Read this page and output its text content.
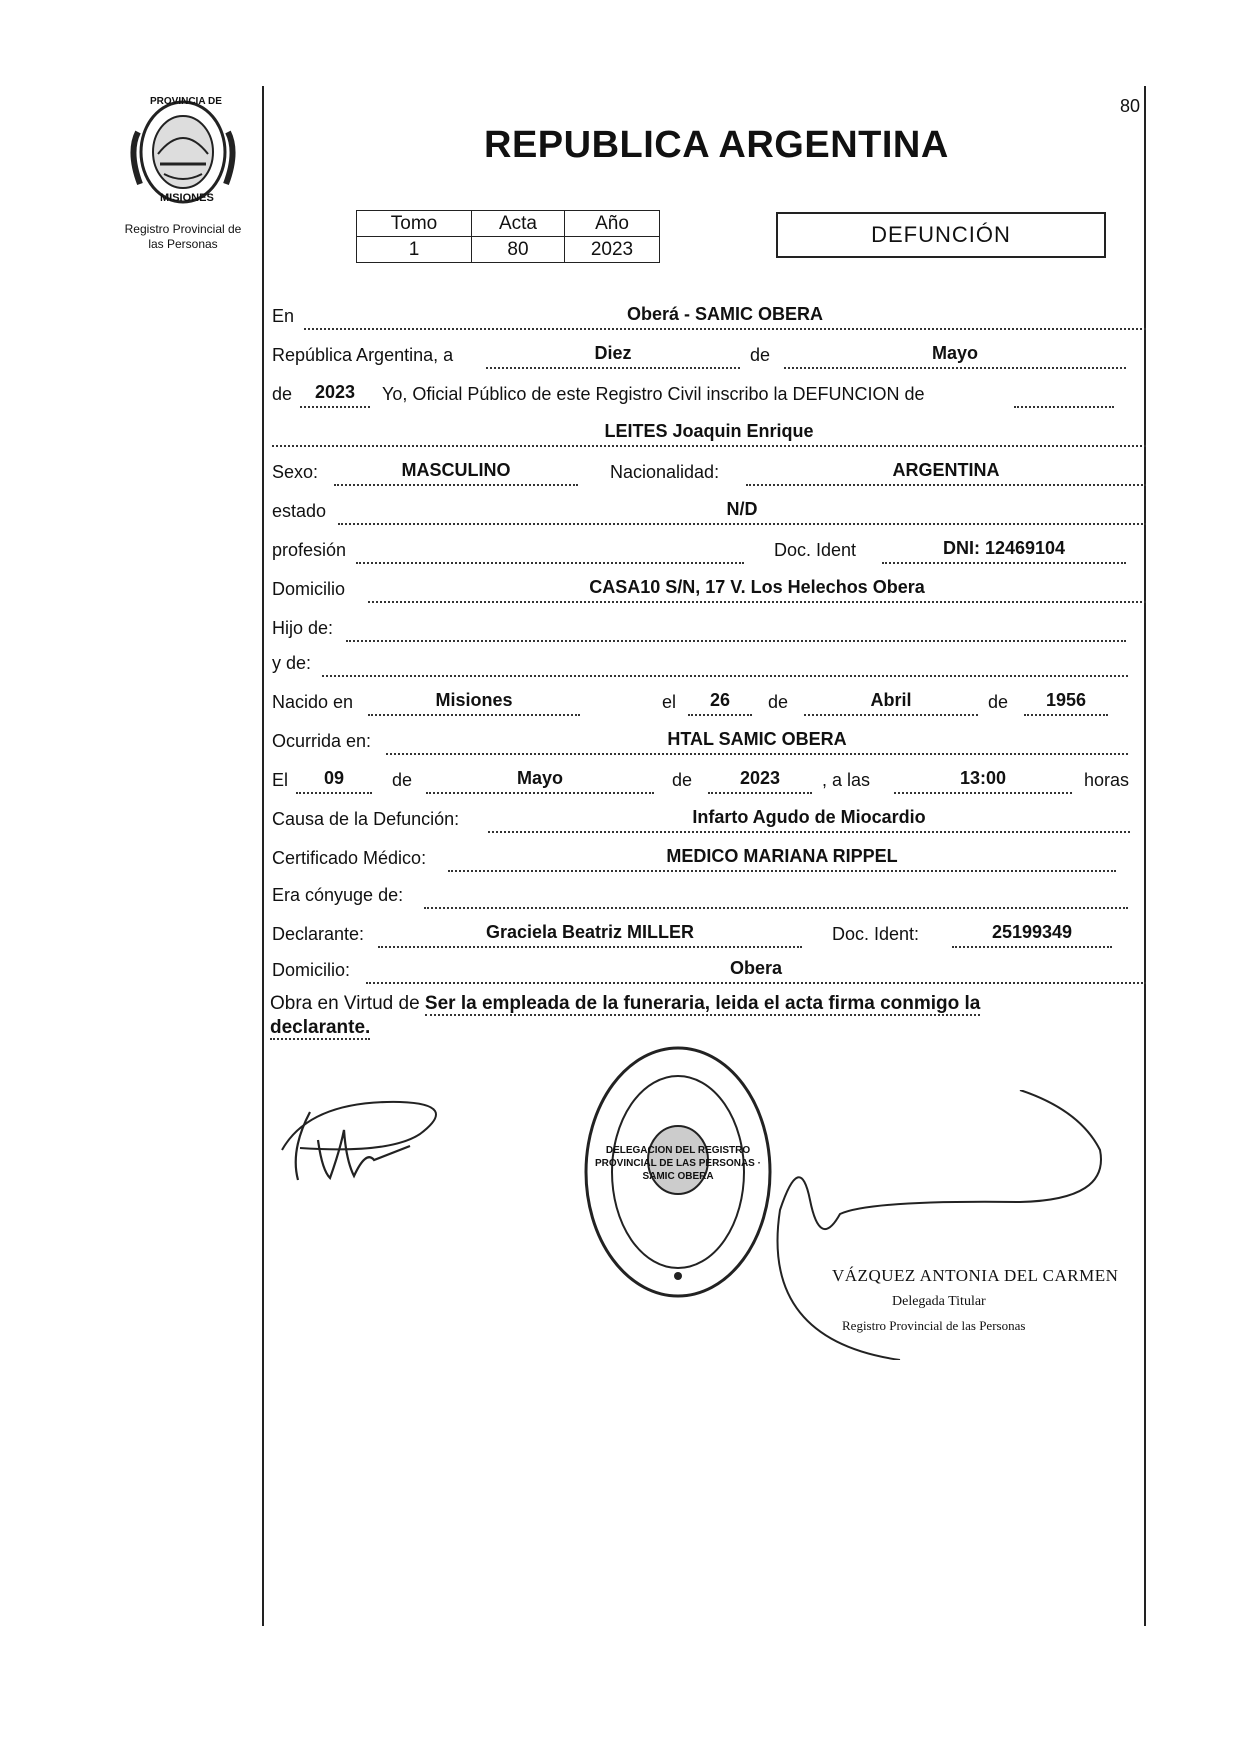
80
PROVINCIA DE
MISIONES
Registro Provincial de
las Personas
REPUBLICA ARGENTINA
Tomo	Acta	Año
1	80	2023
DEFUNCIÓN
En	Oberá - SAMIC OBERA
República Argentina, a	Diez	de	Mayo
de	2023	Yo, Oficial Público de este Registro Civil inscribo la DEFUNCION de
LEITES Joaquin Enrique
Sexo:	MASCULINO	Nacionalidad:	ARGENTINA
estado	N/D
profesión	Doc. Ident	DNI: 12469104
Domicilio	CASA10 S/N, 17 V. Los Helechos Obera
Hijo de:
y de:
Nacido en	Misiones	el	26	de	Abril	de	1956
Ocurrida en:	HTAL SAMIC OBERA
El	09	de	Mayo	de	2023	, a las	13:00	horas
Causa de la Defunción:	Infarto Agudo de Miocardio
Certificado Médico:	MEDICO MARIANA RIPPEL
Era cónyuge de:
Declarante:	Graciela Beatriz MILLER	Doc. Ident:	25199349
Domicilio:	Obera
Obra en Virtud de Ser la empleada de la funeraria, leida el acta firma conmigo la
declarante.
DELEGACION DEL REGISTRO PROVINCIAL DE LAS PERSONAS · SAMIC OBERA
VÁZQUEZ ANTONIA DEL CARMEN
Delegada Titular
Registro Provincial de las Personas
